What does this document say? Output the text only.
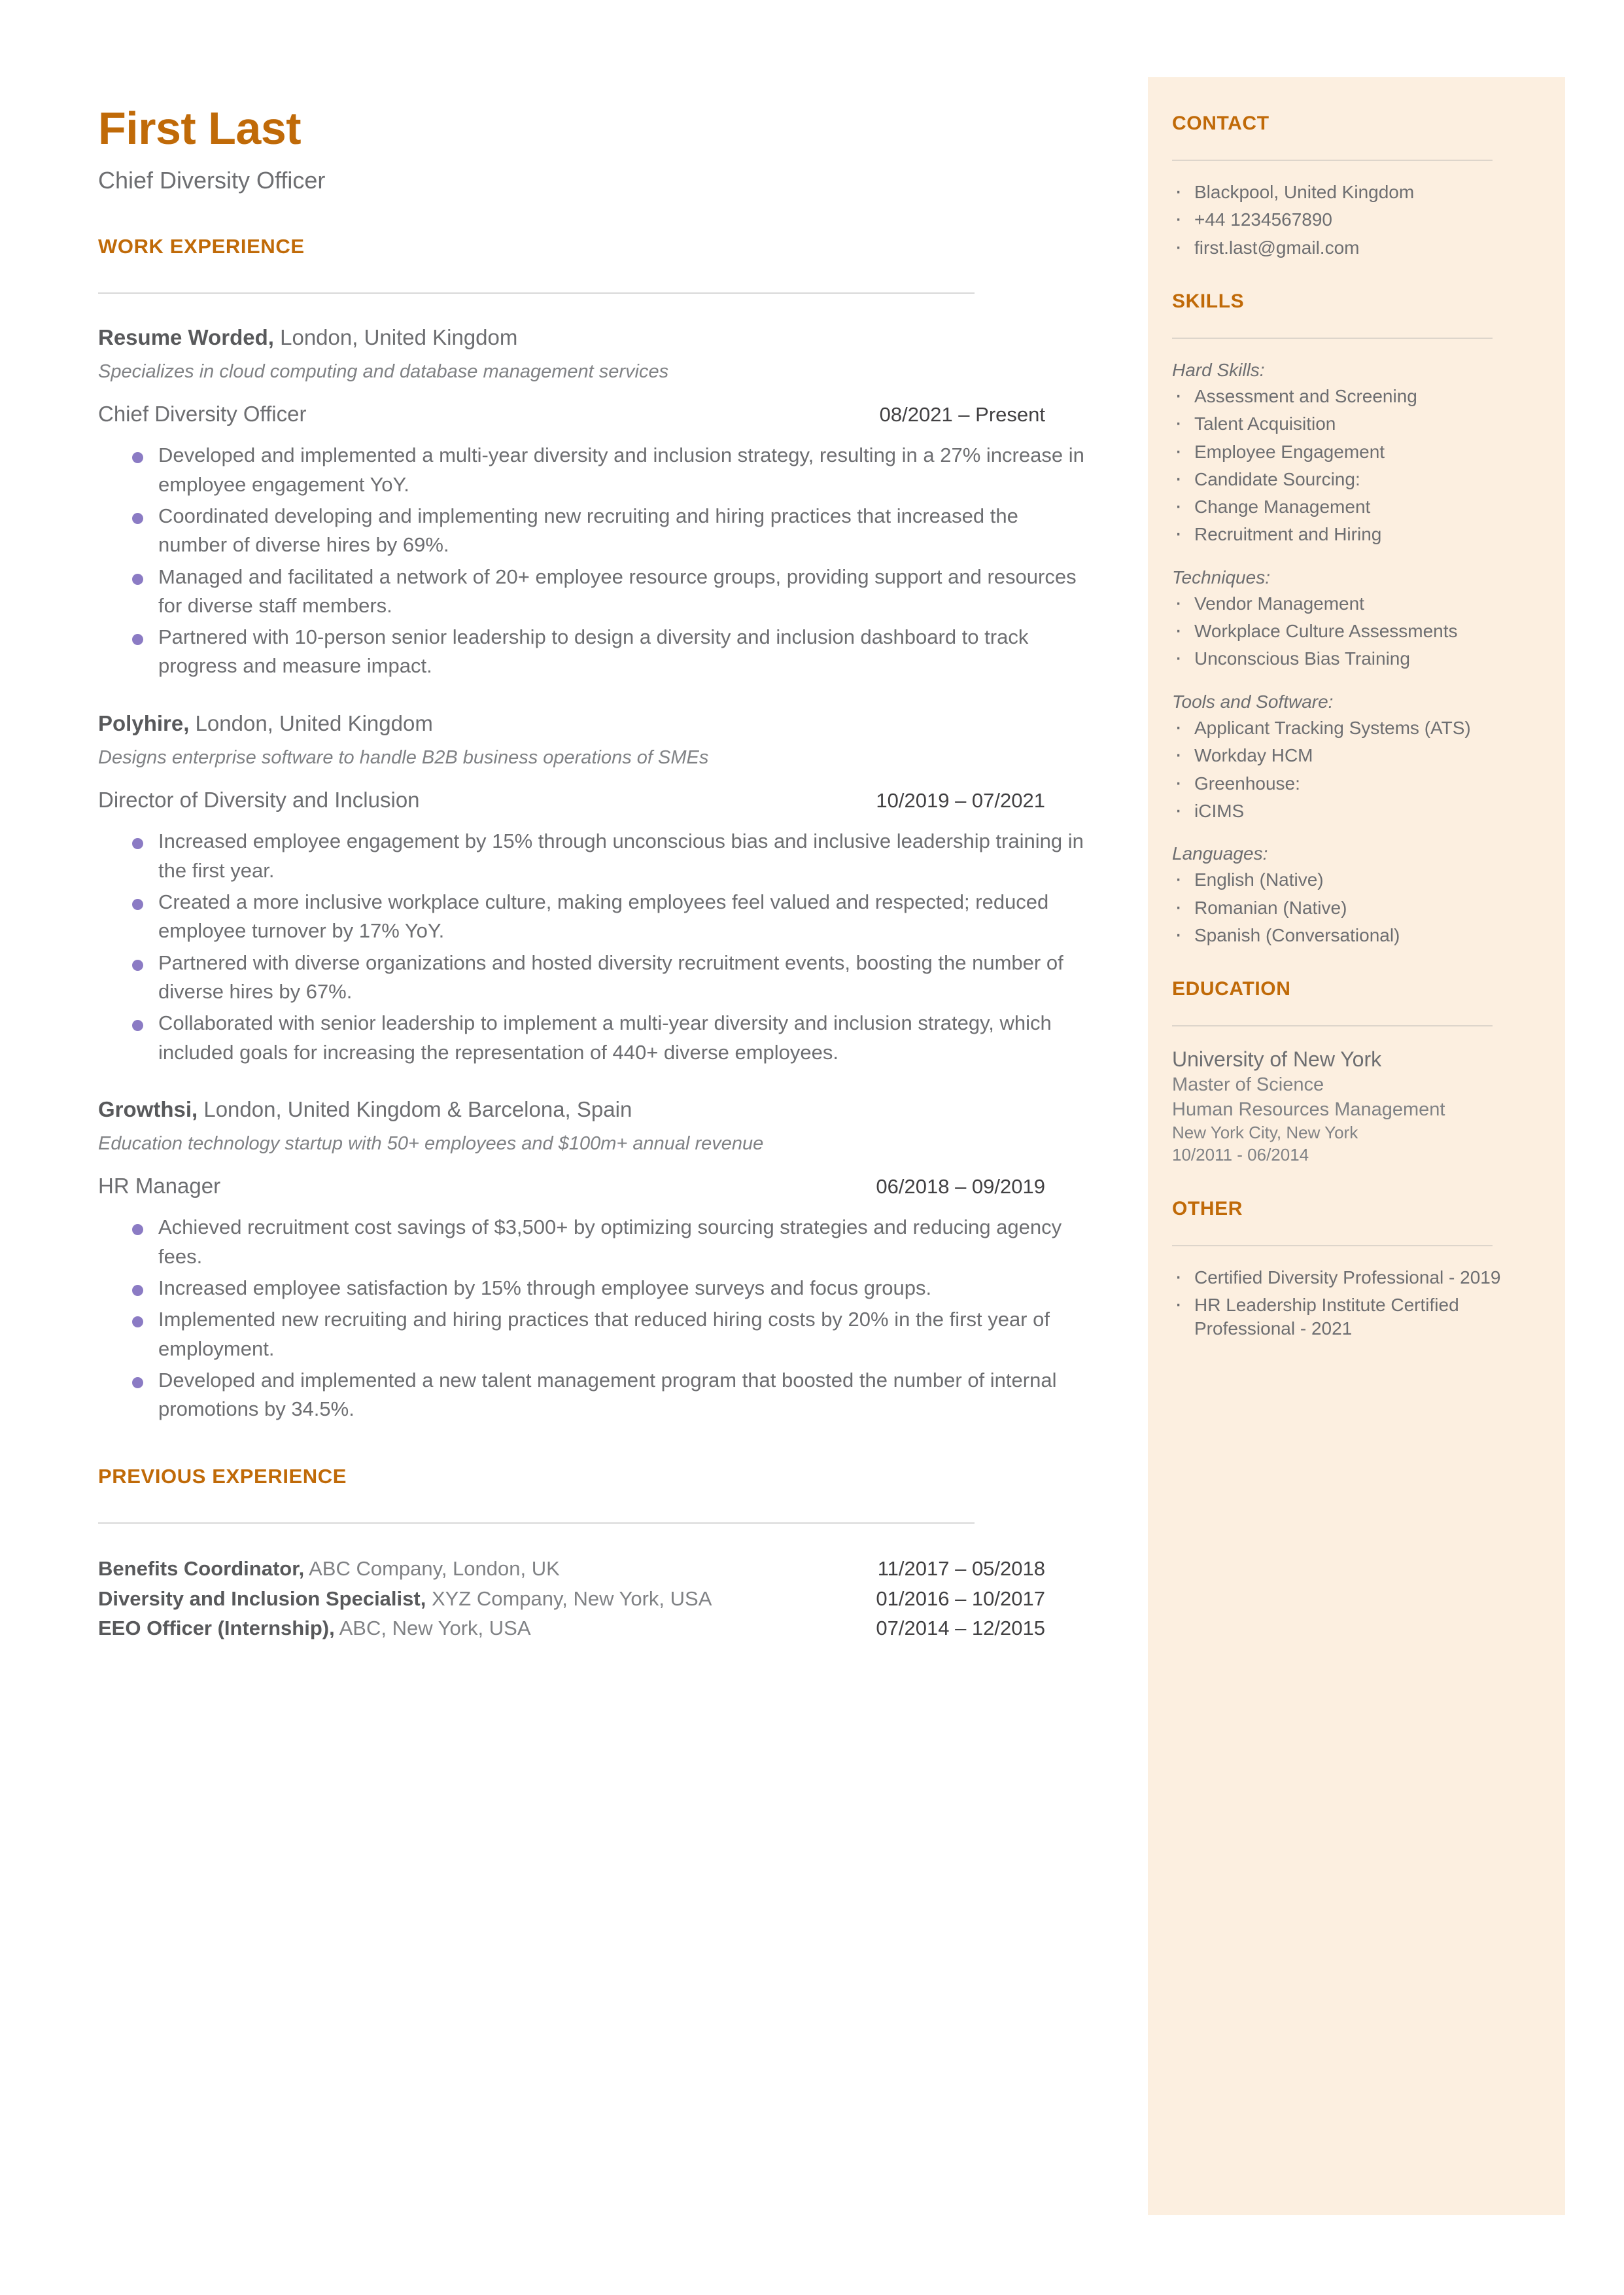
First Last
Chief Diversity Officer
WORK EXPERIENCE
Resume Worded, London, United Kingdom
Specializes in cloud computing and database management services
Chief Diversity Officer	08/2021 – Present
Developed and implemented a multi-year diversity and inclusion strategy, resulting in a 27% increase in employee engagement YoY.
Coordinated developing and implementing new recruiting and hiring practices that increased the number of diverse hires by 69%.
Managed and facilitated a network of 20+ employee resource groups, providing support and resources for diverse staff members.
Partnered with 10-person senior leadership to design a diversity and inclusion dashboard to track progress and measure impact.
Polyhire, London, United Kingdom
Designs enterprise software to handle B2B business operations of SMEs
Director of Diversity and Inclusion	10/2019 – 07/2021
Increased employee engagement by 15% through unconscious bias and inclusive leadership training in the first year.
Created a more inclusive workplace culture, making employees feel valued and respected; reduced employee turnover by 17% YoY.
Partnered with diverse organizations and hosted diversity recruitment events, boosting the number of diverse hires by 67%.
Collaborated with senior leadership to implement a multi-year diversity and inclusion strategy, which included goals for increasing the representation of 440+ diverse employees.
Growthsi, London, United Kingdom & Barcelona, Spain
Education technology startup with 50+ employees and $100m+ annual revenue
HR Manager	06/2018 – 09/2019
Achieved recruitment cost savings of $3,500+ by optimizing sourcing strategies and reducing agency fees.
Increased employee satisfaction by 15% through employee surveys and focus groups.
Implemented new recruiting and hiring practices that reduced hiring costs by 20% in the first year of employment.
Developed and implemented a new talent management program that boosted the number of internal promotions by 34.5%.
PREVIOUS EXPERIENCE
Benefits Coordinator, ABC Company, London, UK	11/2017 – 05/2018
Diversity and Inclusion Specialist, XYZ Company, New York, USA	01/2016 – 10/2017
EEO Officer (Internship), ABC, New York, USA	07/2014 – 12/2015
CONTACT
· Blackpool, United Kingdom
· +44 1234567890
· first.last@gmail.com
SKILLS
Hard Skills:
· Assessment and Screening
· Talent Acquisition
· Employee Engagement
· Candidate Sourcing:
· Change Management
· Recruitment and Hiring
Techniques:
· Vendor Management
· Workplace Culture Assessments
· Unconscious Bias Training
Tools and Software:
· Applicant Tracking Systems (ATS)
· Workday HCM
· Greenhouse:
· iCIMS
Languages:
· English (Native)
· Romanian (Native)
· Spanish (Conversational)
EDUCATION
University of New York
Master of Science
Human Resources Management
New York City, New York
10/2011 - 06/2014
OTHER
· Certified Diversity Professional - 2019
· HR Leadership Institute Certified Professional - 2021
